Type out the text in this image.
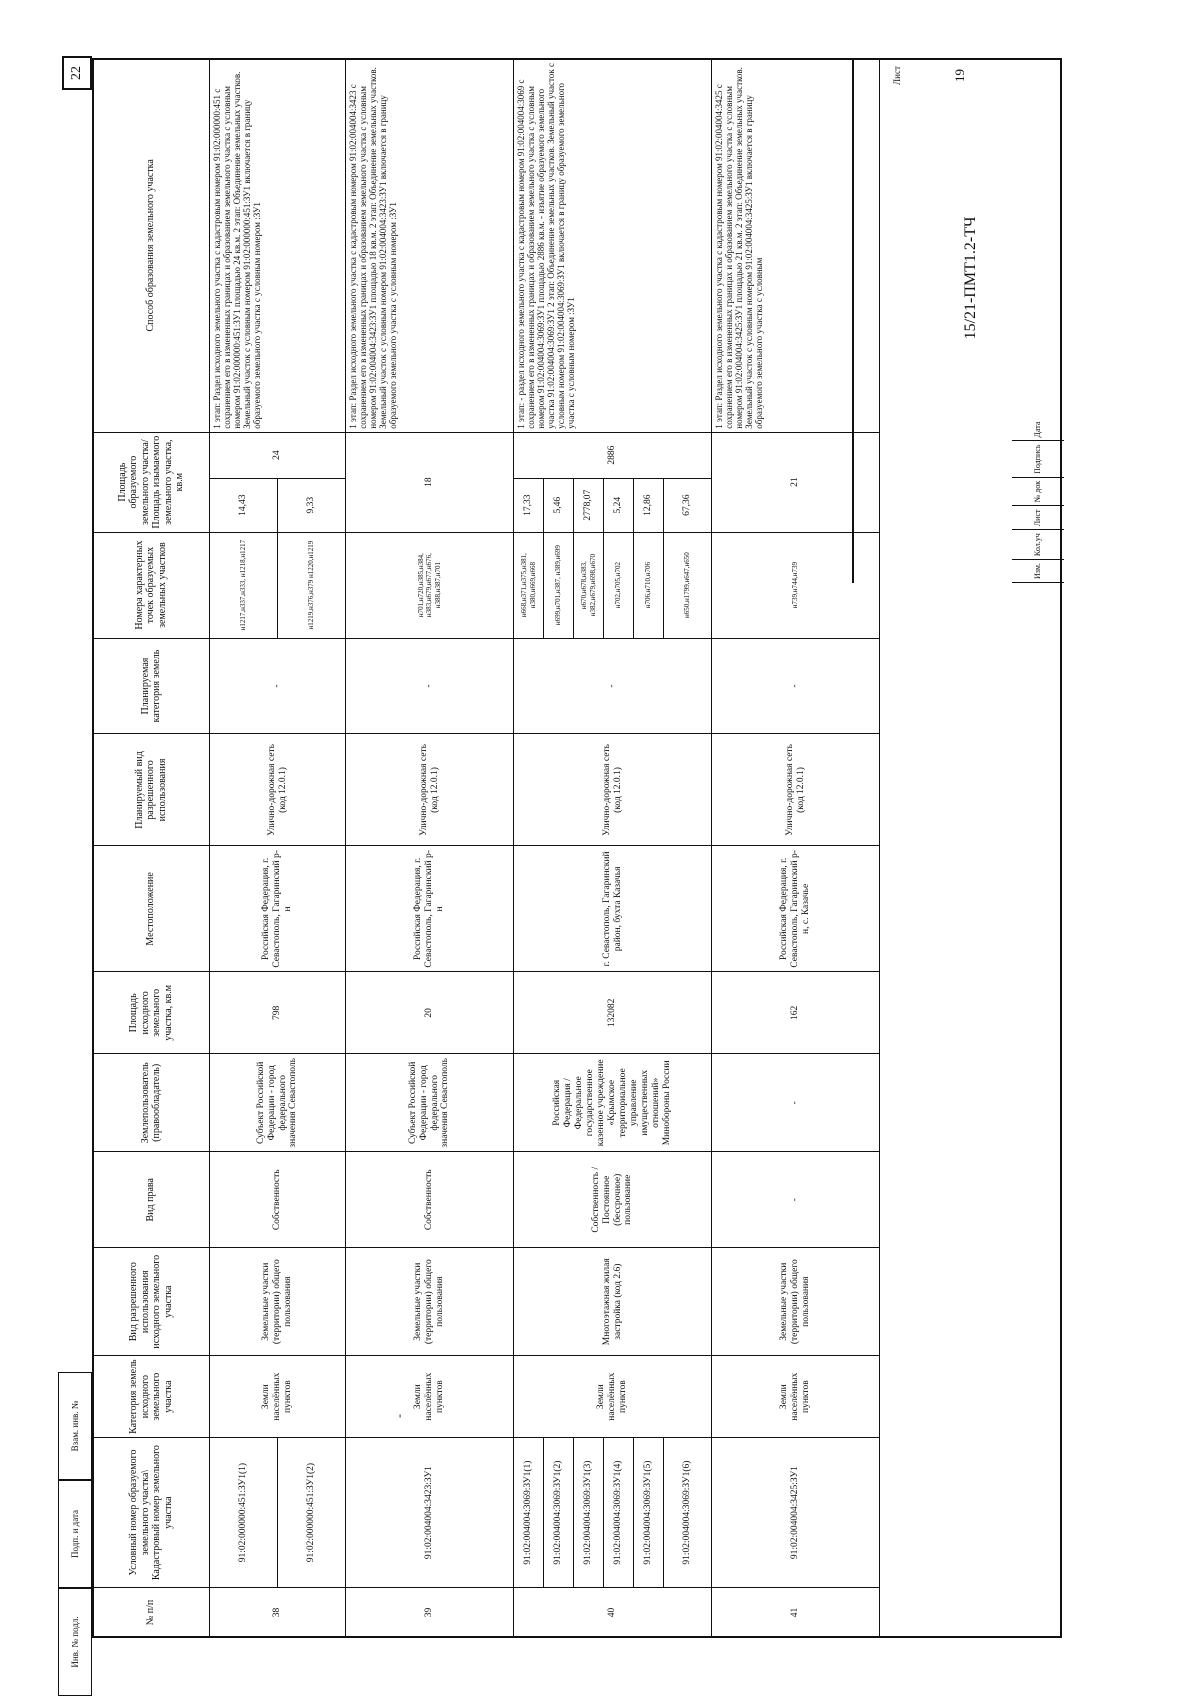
Взам. инв. №
Подп. и дата
Инв. № подл.
22
№ п/п	Условный номер образуемого земельного участка\ Кадастровый номер земельного участка	Категория земель исходного земельного участка	Вид разрешенного использования исходного земельного участка	Вид права	Землепользователь (правообладатель)	Площадь исходного земельного участка, кв.м	Местоположение	Планируемый вид разрешенного использования	Планируемая категория земель	Номера характерных точек образуемых земельных участков	Площадь образуемого земельного участка/Площадь изымаемого земельного участка, кв.м		Способ образования земельного участка
38	91:02:000000:451:ЗУ1(1)	Земли населённых пунктов	Земельные участки (территории) общего пользования	Собственность	Субъект Российской Федерации - город федерального значения Севастополь	798	Российская Федерация, г. Севастополь, Гагаринский р-н	Улично-дорожная сеть (код 12.0.1)	-	н1217,н337,н333, н1218,н1217	14,43	24	1 этап: Раздел исходного земельного участка с кадастровым номером 91:02:000000:451 с сохранением его в измененных границах и образованием земельного участка с условным номером 91:02:000000:451:ЗУ1 площадью 24 кв.м. 2 этап: Объединение земельных участков. Земельный участок с условным номером 91:02:000000:451:ЗУ1 включается в границу образуемого земельного участка с условным номером :ЗУ1
	91:02:000000:451:ЗУ1(2)									н1219,н376,н379 н1220,н1219	9,33		
39	91:02:004004:3423:ЗУ1	Земли населённых пунктов	Земельные участки (территории) общего пользования	Собственность	Субъект Российской Федерации - город федерального значения Севастополь	20	Российская Федерация, г. Севастополь, Гагаринский р-н	Улично-дорожная сеть (код 12.0.1)	-	н701,н720,н385,н384, н383,н679,н677,н676, н388,н387,н701	18		1 этап: Раздел исходного земельного участка с кадастровым номером 91:02:004004:3423 с сохранением его в измененных границах и образованием земельного участка с условным номером 91:02:004004:3423:ЗУ1 площадью 18 кв.м. 2 этап: Объединение земельных участков. Земельный участок с условным номером 91:02:004004:3423:ЗУ1 включается в границу образуемого земельного участка с условным номером :ЗУ1
40	91:02:004004:3069:ЗУ1(1)	Земли населённых пунктов	Многоэтажная жилая застройка (код 2.6)	Собственность / Постоянное (бессрочное) пользование	Российская Федерация / Федеральное государственное казенное учреждение «Крымское территориальное управление имущественных отношений» Минобороны России	132082	г. Севастополь, Гагаринский район, бухта Казачья	Улично-дорожная сеть (код 12.0.1)	-	н668,н371,н375,н381, н380,н669,н668	17,33	2886	1 этап: - раздел исходного земельного участка с кадастровым номером 91:02:004004:3069 с сохранением его в измененных границах и образованием земельного участка с условным номером 91:02:004004:3069:ЗУ1 площадью 2886 кв.м. - изъятие образуемого земельного участка 91:02:004004:3069:ЗУ1 2 этап: Объединение земельных участков. Земельный участок с условным номером 91:02:004004:3069:ЗУ1 включается в границу образуемого земельного участка с условным номером :ЗУ1
	91:02:004004:3069:ЗУ1(2)									н699,н701,н387, н389,н699	5,46		
	91:02:004004:3069:ЗУ1(3)									н670,н678,н383, н382,н679,н698,н670	2778,07		
	91:02:004004:3069:ЗУ1(4)									н702,н705,н702	5,24		
	91:02:004004:3069:ЗУ1(5)									н706,н710,н706	12,86		
	91:02:004004:3069:ЗУ1(6)									н650,н1799,н647,н650	67,36		
41	91:02:004004:3425:ЗУ1	Земли населённых пунктов	Земельные участки (территории) общего пользования	-	-	162	Российская Федерация, г. Севастополь, Гагаринский р-н, с. Казачье	Улично-дорожная сеть (код 12.0.1)	-	н739,н744,н739	21		1 этап: Раздел исходного земельного участка с кадастровым номером 91:02:004004:3425 с сохранением его в измененных границах и образованием земельного участка с условным номером 91:02:004004:3425:ЗУ1 площадью 21 кв.м. 2 этап: Объединение земельных участков. Земельный участок с условным номером 91:02:004004:3425:ЗУ1 включается в границу образуемого земельного участка с условным
-
Изм.
Кол.уч
Лист
№ док
Подпись
Дата
15/21-ПМТ1.2-ТЧ
Лист	19
